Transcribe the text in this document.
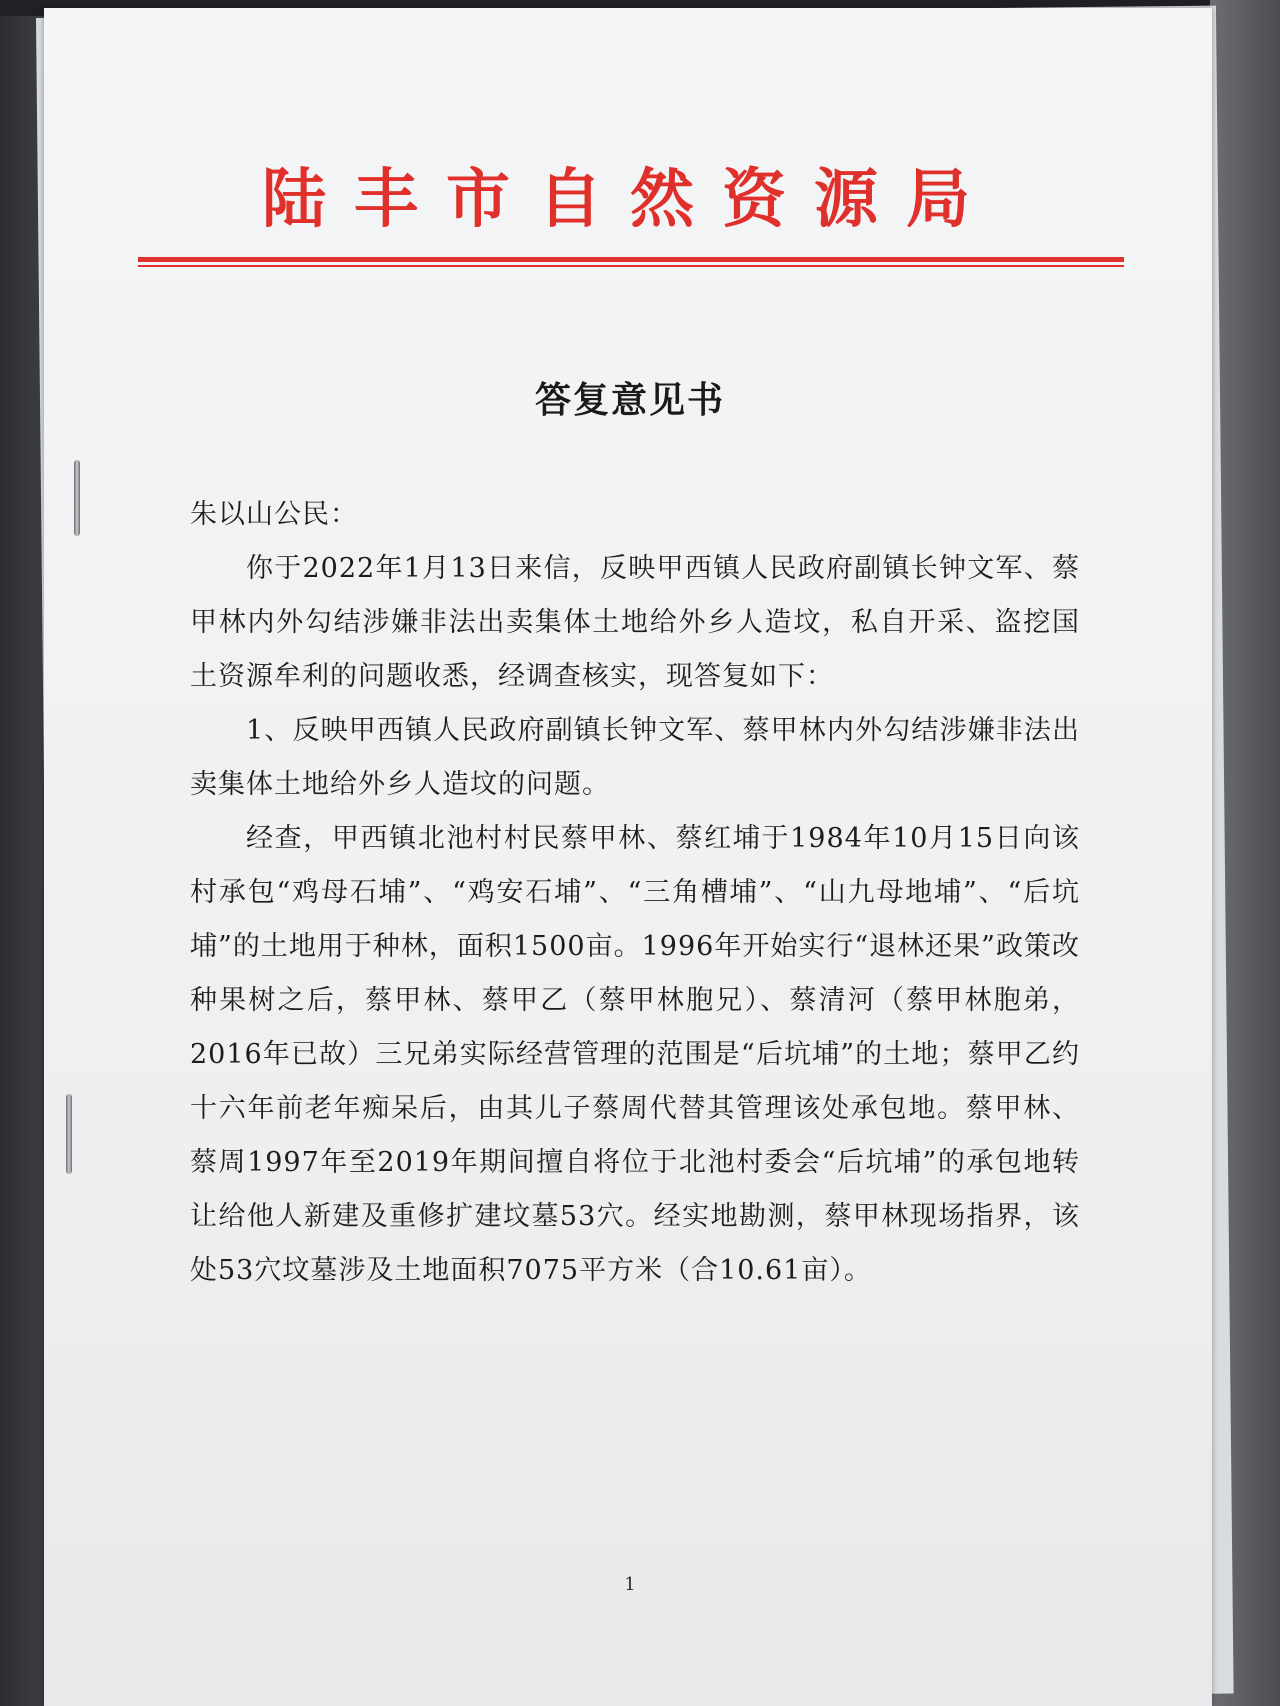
陆丰市自然资源局
答复意见书

朱以山公民：

你于2022年1月13日来信，反映甲西镇人民政府副镇长钟文军、蔡甲林内外勾结涉嫌非法出卖集体土地给外乡人造坟，私自开采、盗挖国土资源牟利的问题收悉，经调查核实，现答复如下：

1、反映甲西镇人民政府副镇长钟文军、蔡甲林内外勾结涉嫌非法出卖集体土地给外乡人造坟的问题。

经查，甲西镇北池村村民蔡甲林、蔡红埔于1984年10月15日向该村承包“鸡母石埔”、“鸡安石埔”、“三角槽埔”、“山九母地埔”、“后坑埔”的土地用于种林，面积1500亩。1996年开始实行“退林还果”政策改种果树之后，蔡甲林、蔡甲乙（蔡甲林胞兄）、蔡清河（蔡甲林胞弟，2016年已故）三兄弟实际经营管理的范围是“后坑埔”的土地；蔡甲乙约十六年前老年痴呆后，由其儿子蔡周代替其管理该处承包地。蔡甲林、蔡周1997年至2019年期间擅自将位于北池村委会“后坑埔”的承包地转让给他人新建及重修扩建坟墓53穴。经实地勘测，蔡甲林现场指界，该处53穴坟墓涉及土地面积7075平方米（合10.61亩）。

1
